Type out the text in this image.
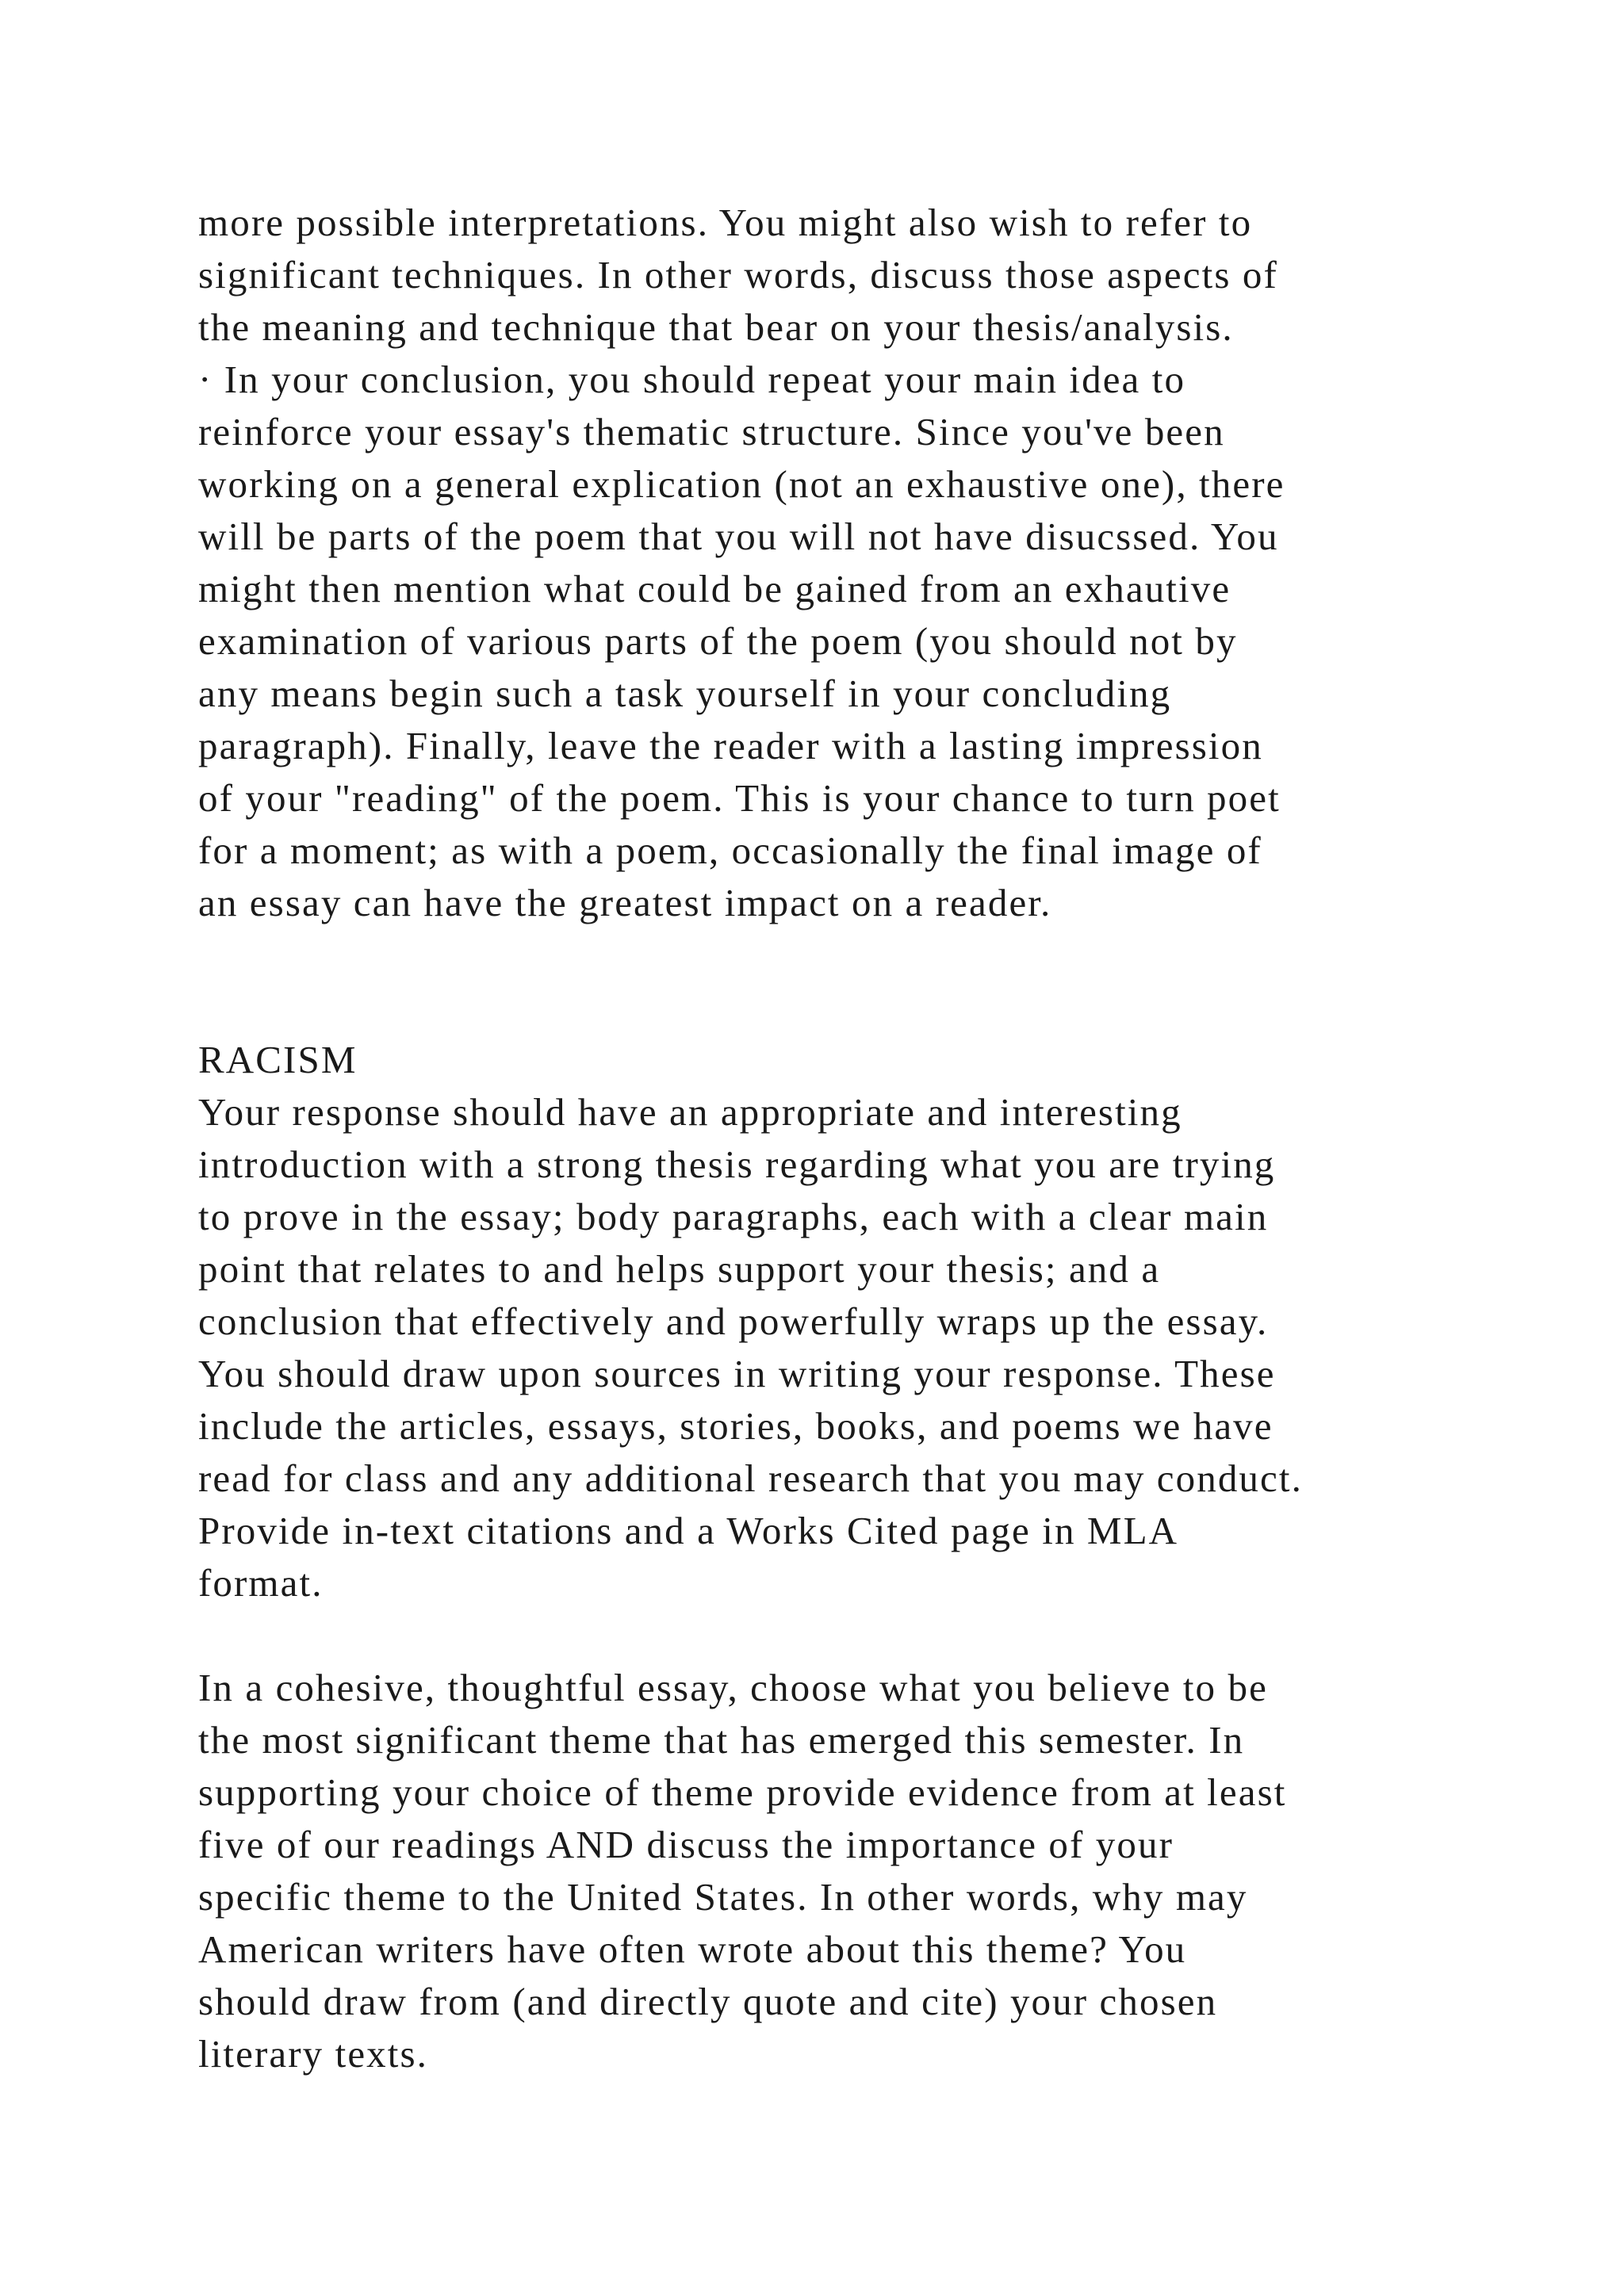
more possible interpretations. You might also wish to refer to
significant techniques. In other words, discuss those aspects of
the meaning and technique that bear on your thesis/analysis.
· In your conclusion, you should repeat your main idea to
reinforce your essay's thematic structure. Since you've been
working on a general explication (not an exhaustive one), there
will be parts of the poem that you will not have disucssed. You
might then mention what could be gained from an exhautive
examination of various parts of the poem (you should not by
any means begin such a task yourself in your concluding
paragraph). Finally, leave the reader with a lasting impression
of your "reading" of the poem. This is your chance to turn poet
for a moment; as with a poem, occasionally the final image of
an essay can have the greatest impact on a reader.
RACISM
Your response should have an appropriate and interesting
introduction with a strong thesis regarding what you are trying
to prove in the essay; body paragraphs, each with a clear main
point that relates to and helps support your thesis; and a
conclusion that effectively and powerfully wraps up the essay.
You should draw upon sources in writing your response. These
include the articles, essays, stories, books, and poems we have
read for class and any additional research that you may conduct.
Provide in-text citations and a Works Cited page in MLA
format.
In a cohesive, thoughtful essay, choose what you believe to be
the most significant theme that has emerged this semester. In
supporting your choice of theme provide evidence from at least
five of our readings AND discuss the importance of your
specific theme to the United States. In other words, why may
American writers have often wrote about this theme? You
should draw from (and directly quote and cite) your chosen
literary texts.
